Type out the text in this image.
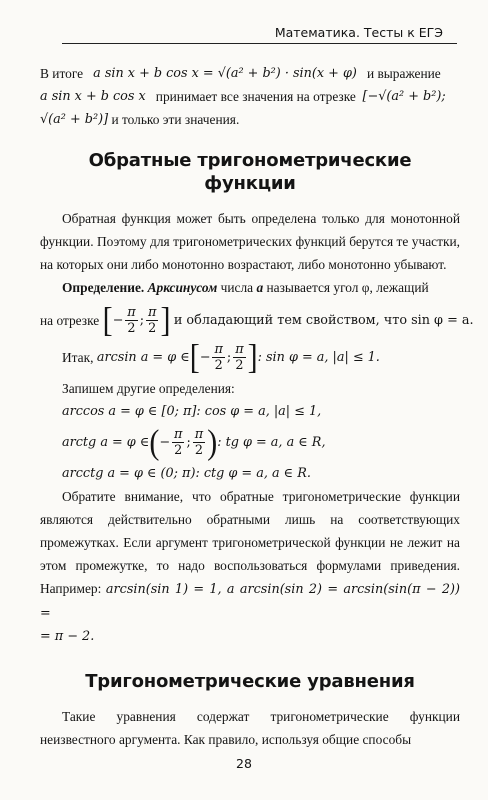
Математика. Тесты к ЕГЭ
В итоге
a sin x + b cos x = √(a² + b²) · sin(x + φ)
и выражение
a sin x + b cos x
принимает все значения на отрезке
[−√(a² + b²);
√(a² + b²)]
и только эти значения.
Обратные тригонометрические функции

Обратная функция может быть определена только для монотонной функции. Поэтому для тригонометрических функций берутся те участки, на которых они либо монотонно возрастают, либо монотонно убывают.

Определение. Арксинусом числа a называется угол φ, лежащий

на отрезке
[ − $\frac{\pi}{2}$ ; $\frac{\pi}{2}$ ]
и обладающий тем свойством, что sin φ = a.
Итак,
arcsin a = φ ∈ [ − $\frac{\pi}{2}$ ; $\frac{\pi}{2}$ ] : sin φ = a, |a| ≤ 1.

Запишем другие определения:

arccos a = φ ∈ [0; π]: cos φ = a, |a| ≤ 1,
arctg a = φ ∈ ( − $\frac{\pi}{2}$ ; $\frac{\pi}{2}$ ) : tg φ = a, a ∈ R,
arcctg a = φ ∈ (0; π): ctg φ = a, a ∈ R.

Обратите внимание, что обратные тригонометрические функции являются действительно обратными лишь на соответствующих промежутках. Если аргумент тригонометрической функции не лежит на этом промежутке, то надо воспользоваться формулами приведения. Например: arcsin(sin 1) = 1, а arcsin(sin 2) = arcsin(sin(π − 2)) =

= π − 2.
Тригонометрические уравнения

Такие уравнения содержат тригонометрические функции неизвестного аргумента. Как правило, используя общие способы

28
